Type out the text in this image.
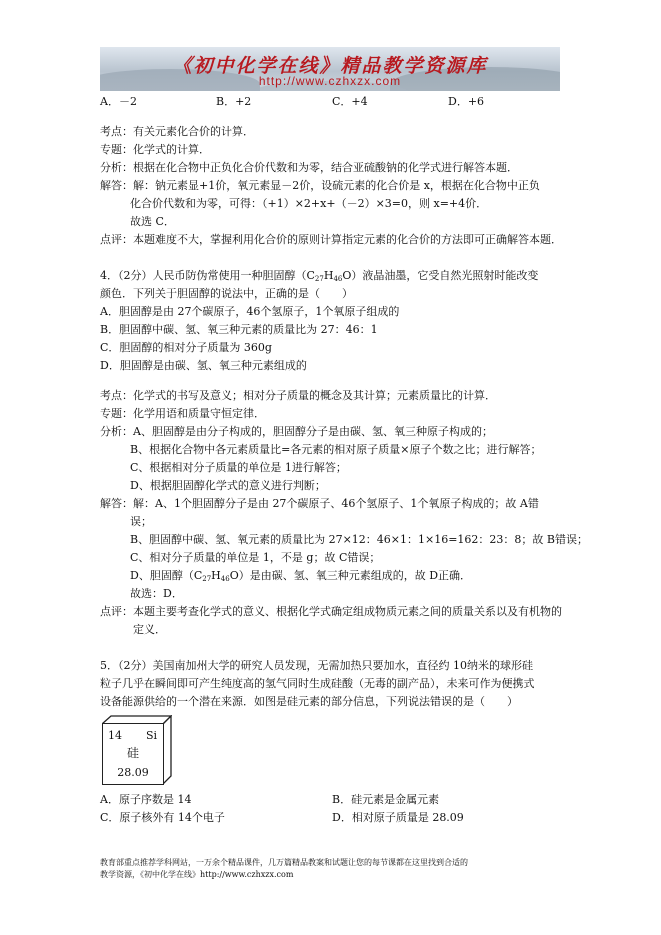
《初中化学在线》精品教学资源库
http://www.czhxzx.com
A．－2	B．+2	C．+4	D．+6
考点：有关元素化合价的计算．
专题：化学式的计算．
分析：根据在化合物中正负化合价代数和为零，结合亚硫酸钠的化学式进行解答本题．
解答：解：钠元素显+1价，氧元素显－2价，设硫元素的化合价是 x，根据在化合物中正负
化合价代数和为零，可得：（+1）×2+x+（－2）×3=0，则 x=+4价．
故选 C．
点评： 本题难度不大，掌握利用化合价的原则计算指定元素的化合价的方法即可正确解答本题．
4．（2分）人民币防伪常使用一种胆固醇$(C_{27}H_{46}O)$液晶油墨，它受自然光照射时能改变
颜色．下列关于胆固醇的说法中，正确的是（　　）
A．胆固醇是由 27个碳原子，46个氢原子，1个氧原子组成的
B．胆固醇中碳、氢、氧三种元素的质量比为 27：46：1
C．胆固醇的相对分子质量为 360g
D．胆固醇是由碳、氢、氧三种元素组成的
考点：化学式的书写及意义；相对分子质量的概念及其计算；元素质量比的计算．
专题：化学用语和质量守恒定律．
分析：A、胆固醇是由分子构成的，胆固醇分子是由碳、氢、氧三种原子构成的；
B、根据化合物中各元素质量比=各元素的相对原子质量×原子个数之比；进行解答；
C、根据相对分子质量的单位是 1进行解答；
D、根据胆固醇化学式的意义进行判断；
解答：解：A、1个胆固醇分子是由 27个碳原子、46个氢原子、1个氧原子构成的；故 A错
误；
B、胆固醇中碳、氢、氧元素的质量比为 27×12：46×1：1×16=162：23：8；故 B错误；
C、相对分子质量的单位是 1，不是 g；故 C错误；
D、胆固醇$(C_{27}H_{46}O)$是由碳、氢、氧三种元素组成的，故 D正确．
故选：D．
点评： 本题主要考查化学式的意义、根据化学式确定组成物质元素之间的质量关系以及有机物的定义．
5．（2分）美国南加州大学的研究人员发现，无需加热只要加水，直径约 10纳米的球形硅
粒子几乎在瞬间即可产生纯度高的氢气同时生成硅酸（无毒的副产品），未来可作为便携式
设备能源供给的一个潜在来源．如图是硅元素的部分信息，下列说法错误的是（　　）
14 Si
硅
28.09
A．原子序数是 14	B．硅元素是金属元素
C．原子核外有 14个电子	D．相对原子质量是 28.09
教育部重点推荐学科网站，一万余个精品课件，几万篇精品教案和试题让您的每节课都在这里找到合适的
教学资源，《初中化学在线》http://www.czhxzx.com
